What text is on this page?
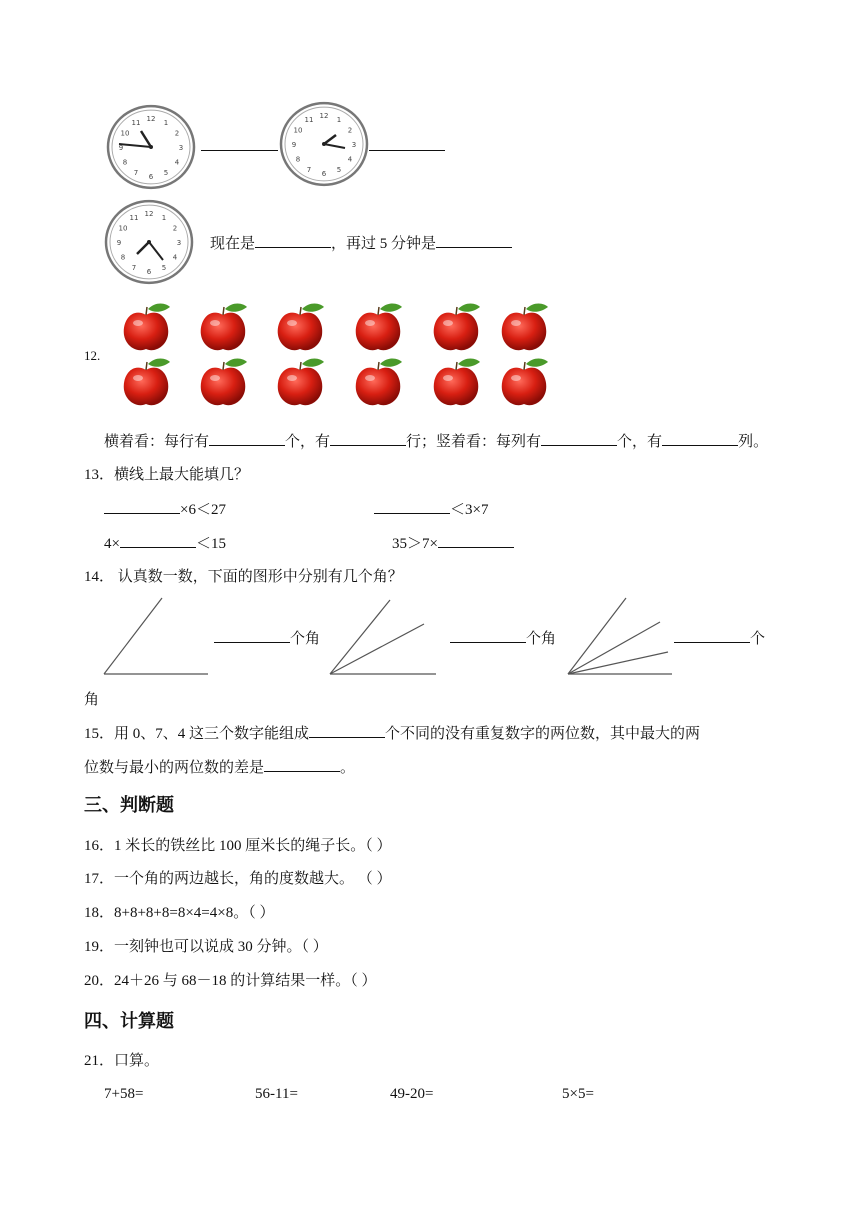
12 1
2
3
4
5
6
7
8
9
10
11
12 1
2
3
4
5
6
7
8
9
10
11
12 1
2
3
4
5
6
7
8
9
10
11
现在是	，再过 5 分钟是
12.
横着看：每行有	个，有	行；竖着看：每列有	个，有	列。
13．横线上最大能填几？
×6＜27	＜3×7
4×	＜15	35＞7×
14． 认真数一数，下面的图形中分别有几个角？
个角	个角	个
角
15．用 0、7、4 这三个数字能组成	个不同的没有重复数字的两位数，其中最大的两
位数与最小的两位数的差是	。
三、判断题
16．1 米长的铁丝比 100 厘米长的绳子长。（ ）
17．一个角的两边越长，角的度数越大。 （ ）
18．8+8+8+8=8×4=4×8。（ ）
19．一刻钟也可以说成 30 分钟。（ ）
20．24＋26 与 68－18 的计算结果一样。（ ）
四、计算题
21．口算。
7+58=	56-11=	49-20=	5×5=
